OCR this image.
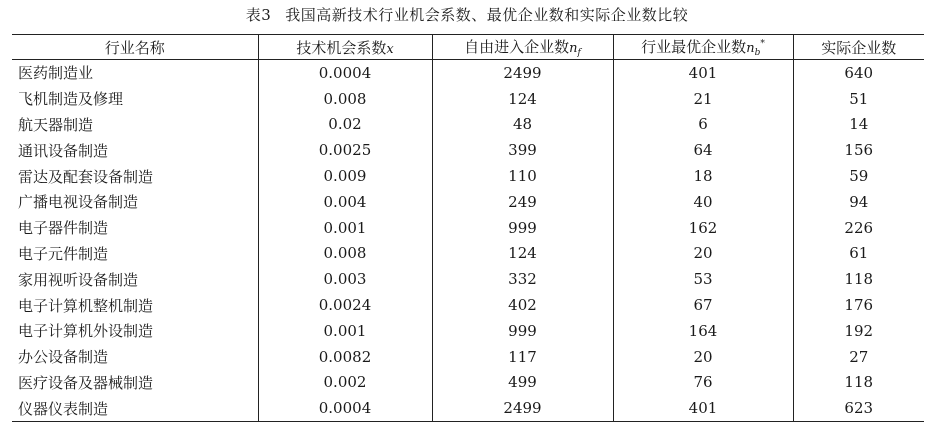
表3 我国高新技术行业机会系数、最优企业数和实际企业数比较
行业名称	技术机会系数x	自由进入企业数$n_f$	行业最优企业数$n_b^*$	实际企业数
医药制造业	0.0004	2499	401	640
飞机制造及修理	0.008	124	21	51
航天器制造	0.02	48	6	14
通讯设备制造	0.0025	399	64	156
雷达及配套设备制造	0.009	110	18	59
广播电视设备制造	0.004	249	40	94
电子器件制造	0.001	999	162	226
电子元件制造	0.008	124	20	61
家用视听设备制造	0.003	332	53	118
电子计算机整机制造	0.0024	402	67	176
电子计算机外设制造	0.001	999	164	192
办公设备制造	0.0082	117	20	27
医疗设备及器械制造	0.002	499	76	118
仪器仪表制造	0.0004	2499	401	623
